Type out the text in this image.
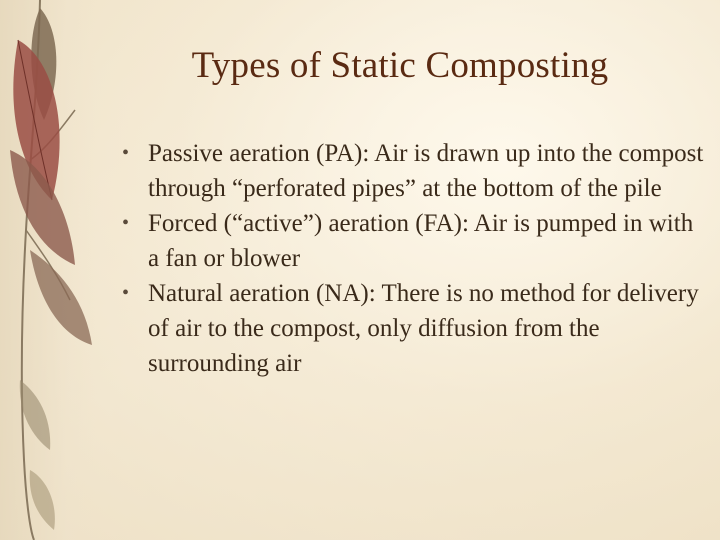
Types of Static Composting
• Passive aeration (PA): Air is drawn up into the compost through “perforated pipes” at the bottom of the pile
• Forced (“active”) aeration (FA): Air is pumped in with a fan or blower
• Natural aeration (NA): There is no method for delivery of air to the compost, only diffusion from the surrounding air
